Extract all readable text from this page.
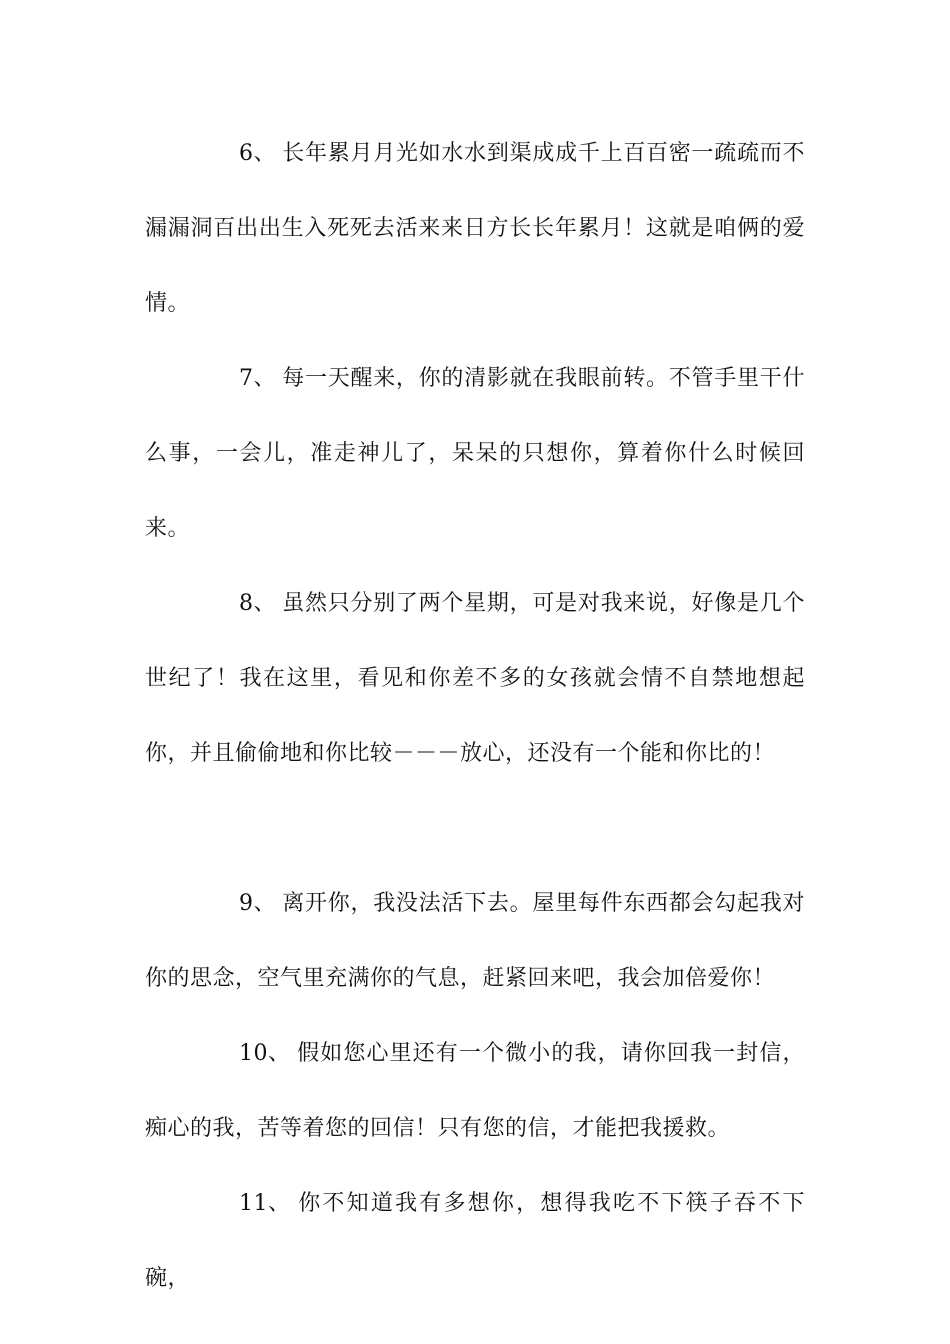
6、 长年累月月光如水水到渠成成千上百百密一疏疏而不漏漏洞百出出生入死死去活来来日方长长年累月！这就是咱俩的爱情。

7、 每一天醒来，你的清影就在我眼前转。不管手里干什么事，一会儿，准走神儿了，呆呆的只想你，算着你什么时候回来。

8、 虽然只分别了两个星期，可是对我来说，好像是几个世纪了！我在这里，看见和你差不多的女孩就会情不自禁地想起你，并且偷偷地和你比较－－－放心，还没有一个能和你比的！

9、 离开你，我没法活下去。屋里每件东西都会勾起我对你的思念，空气里充满你的气息，赶紧回来吧，我会加倍爱你！

10、 假如您心里还有一个微小的我，请你回我一封信，痴心的我，苦等着您的回信！只有您的信，才能把我援救。

11、 你不知道我有多想你，想得我吃不下筷子吞不下碗，
